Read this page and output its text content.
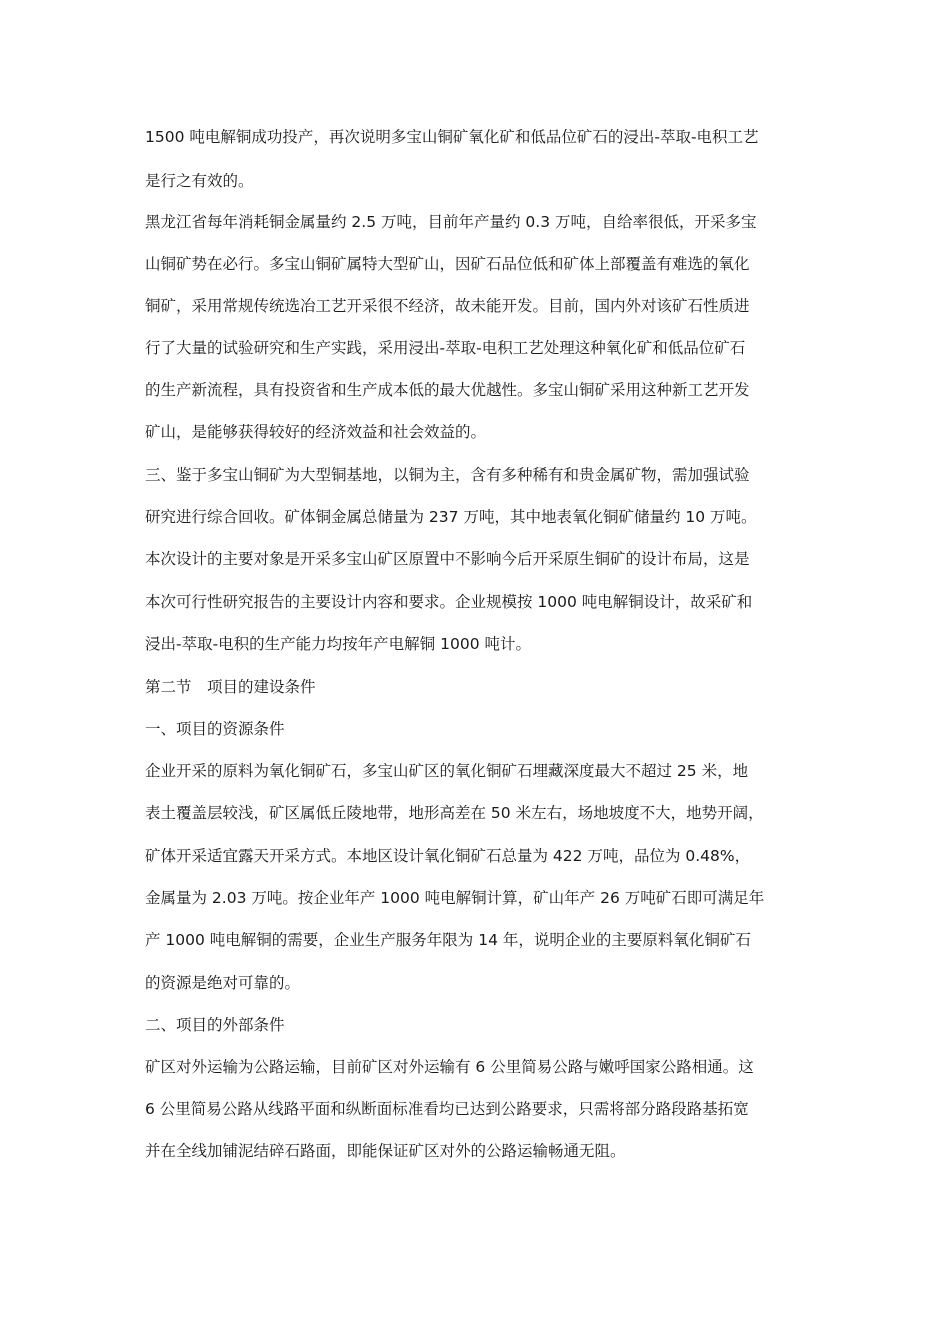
1500 吨电解铜成功投产，再次说明多宝山铜矿氧化矿和低品位矿石的浸出-萃取-电积工艺

是行之有效的。

黑龙江省每年消耗铜金属量约 2.5 万吨，目前年产量约 0.3 万吨，自给率很低，开采多宝

山铜矿势在必行。多宝山铜矿属特大型矿山，因矿石品位低和矿体上部覆盖有难选的氧化

铜矿，采用常规传统选冶工艺开采很不经济，故未能开发。目前，国内外对该矿石性质进

行了大量的试验研究和生产实践，采用浸出-萃取-电积工艺处理这种氧化矿和低品位矿石

的生产新流程，具有投资省和生产成本低的最大优越性。多宝山铜矿采用这种新工艺开发

矿山，是能够获得较好的经济效益和社会效益的。

三、鉴于多宝山铜矿为大型铜基地，以铜为主，含有多种稀有和贵金属矿物，需加强试验

研究进行综合回收。矿体铜金属总储量为 237 万吨，其中地表氧化铜矿储量约 10 万吨。

本次设计的主要对象是开采多宝山矿区原置中不影响今后开采原生铜矿的设计布局，这是

本次可行性研究报告的主要设计内容和要求。企业规模按 1000 吨电解铜设计，故采矿和

浸出-萃取-电积的生产能力均按年产电解铜 1000 吨计。

第二节　项目的建设条件

一、项目的资源条件

企业开采的原料为氧化铜矿石，多宝山矿区的氧化铜矿石埋藏深度最大不超过 25 米，地

表土覆盖层较浅，矿区属低丘陵地带，地形高差在 50 米左右，场地坡度不大，地势开阔，

矿体开采适宜露天开采方式。本地区设计氧化铜矿石总量为 422 万吨，品位为 0.48%，

金属量为 2.03 万吨。按企业年产 1000 吨电解铜计算，矿山年产 26 万吨矿石即可满足年

产 1000 吨电解铜的需要，企业生产服务年限为 14 年，说明企业的主要原料氧化铜矿石

的资源是绝对可靠的。

二、项目的外部条件

矿区对外运输为公路运输，目前矿区对外运输有 6 公里简易公路与嫩呼国家公路相通。这

6 公里简易公路从线路平面和纵断面标准看均已达到公路要求，只需将部分路段路基拓宽

并在全线加铺泥结碎石路面，即能保证矿区对外的公路运输畅通无阻。
